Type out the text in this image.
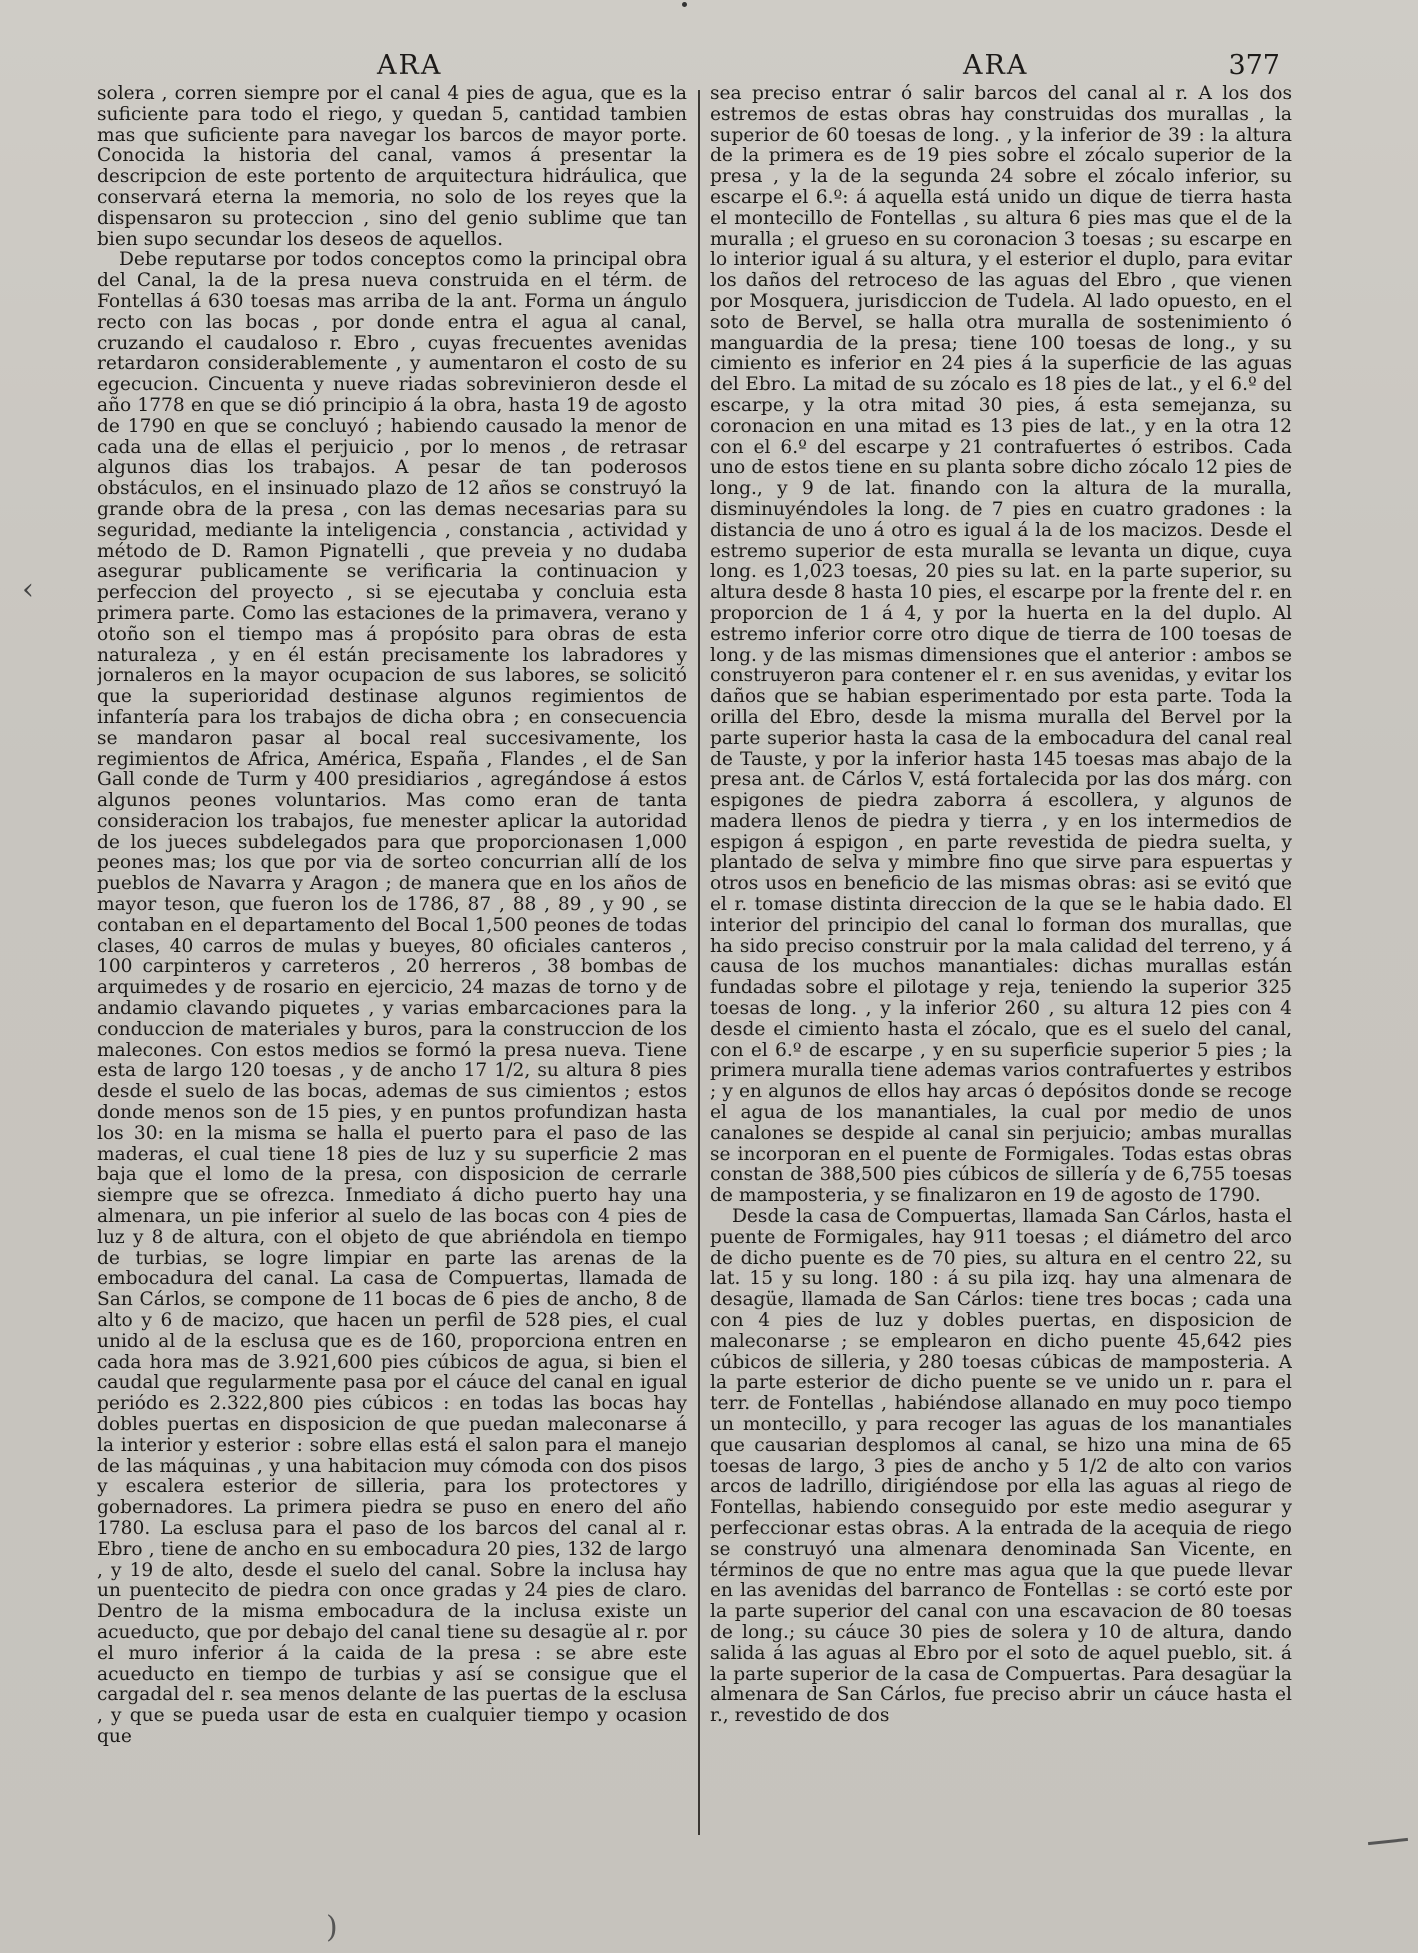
ARA	ARA	377

solera , corren siempre por el canal 4 pies de agua, que es la suficiente para todo el riego, y quedan 5, cantidad tambien mas que suficiente para navegar los barcos de mayor porte. Conocida la historia del canal, vamos á presentar la descripcion de este portento de arquitectura hidráulica, que conservará eterna la memoria, no solo de los reyes que la dispensaron su proteccion , sino del genio sublime que tan bien supo secundar los deseos de aquellos.

Debe reputarse por todos conceptos como la principal obra del Canal, la de la presa nueva construida en el térm. de Fontellas á 630 toesas mas arriba de la ant. Forma un ángulo recto con las bocas , por donde entra el agua al canal, cruzando el caudaloso r. Ebro , cuyas frecuentes avenidas retardaron considerablemente , y aumentaron el costo de su egecucion. Cincuenta y nueve riadas sobrevinieron desde el año 1778 en que se dió principio á la obra, hasta 19 de agosto de 1790 en que se concluyó ; habiendo causado la menor de cada una de ellas el perjuicio , por lo menos , de retrasar algunos dias los trabajos. A pesar de tan poderosos obstáculos, en el insinuado plazo de 12 años se construyó la grande obra de la presa , con las demas necesarias para su seguridad, mediante la inteligencia , constancia , actividad y método de D. Ramon Pignatelli , que preveia y no dudaba asegurar publicamente se verificaria la continuacion y perfeccion del proyecto , si se ejecutaba y concluia esta primera parte. Como las estaciones de la primavera, verano y otoño son el tiempo mas á propósito para obras de esta naturaleza , y en él están precisamente los labradores y jornaleros en la mayor ocupacion de sus labores, se solicitó que la superioridad destinase algunos regimientos de infantería para los trabajos de dicha obra ; en consecuencia se mandaron pasar al bocal real succesivamente, los regimientos de Africa, América, España , Flandes , el de San Gall conde de Turm y 400 presidiarios , agregándose á estos algunos peones voluntarios. Mas como eran de tanta consideracion los trabajos, fue menester aplicar la autoridad de los jueces subdelegados para que proporcionasen 1,000 peones mas; los que por via de sorteo concurrian allí de los pueblos de Navarra y Aragon ; de manera que en los años de mayor teson, que fueron los de 1786, 87 , 88 , 89 , y 90 , se contaban en el departamento del Bocal 1,500 peones de todas clases, 40 carros de mulas y bueyes, 80 oficiales canteros , 100 carpinteros y carreteros , 20 herreros , 38 bombas de arquimedes y de rosario en ejercicio, 24 mazas de torno y de andamio clavando piquetes , y varias embarcaciones para la conduccion de materiales y buros, para la construccion de los malecones. Con estos medios se formó la presa nueva. Tiene esta de largo 120 toesas , y de ancho 17 1/2, su altura 8 pies desde el suelo de las bocas, ademas de sus cimientos ; estos donde menos son de 15 pies, y en puntos profundizan hasta los 30: en la misma se halla el puerto para el paso de las maderas, el cual tiene 18 pies de luz y su superficie 2 mas baja que el lomo de la presa, con disposicion de cerrarle siempre que se ofrezca. Inmediato á dicho puerto hay una almenara, un pie inferior al suelo de las bocas con 4 pies de luz y 8 de altura, con el objeto de que abriéndola en tiempo de turbias, se logre limpiar en parte las arenas de la embocadura del canal. La casa de Compuertas, llamada de San Cárlos, se compone de 11 bocas de 6 pies de ancho, 8 de alto y 6 de macizo, que hacen un perfil de 528 pies, el cual unido al de la esclusa que es de 160, proporciona entren en cada hora mas de 3.921,600 pies cúbicos de agua, si bien el caudal que regularmente pasa por el cáuce del canal en igual periódo es 2.322,800 pies cúbicos : en todas las bocas hay dobles puertas en disposicion de que puedan maleconarse á la interior y esterior : sobre ellas está el salon para el manejo de las máquinas , y una habitacion muy cómoda con dos pisos y escalera esterior de silleria, para los protectores y gobernadores. La primera piedra se puso en enero del año 1780. La esclusa para el paso de los barcos del canal al r. Ebro , tiene de ancho en su embocadura 20 pies, 132 de largo , y 19 de alto, desde el suelo del canal. Sobre la inclusa hay un puentecito de piedra con once gradas y 24 pies de claro. Dentro de la misma embocadura de la inclusa existe un acueducto, que por debajo del canal tiene su desagüe al r. por el muro inferior á la caida de la presa : se abre este acueducto en tiempo de turbias y así se consigue que el cargadal del r. sea menos delante de las puertas de la esclusa , y que se pueda usar de esta en cualquier tiempo y ocasion que

sea preciso entrar ó salir barcos del canal al r. A los dos estremos de estas obras hay construidas dos murallas , la superior de 60 toesas de long. , y la inferior de 39 : la altura de la primera es de 19 pies sobre el zócalo superior de la presa , y la de la segunda 24 sobre el zócalo inferior, su escarpe el 6.º: á aquella está unido un dique de tierra hasta el montecillo de Fontellas , su altura 6 pies mas que el de la muralla ; el grueso en su coronacion 3 toesas ; su escarpe en lo interior igual á su altura, y el esterior el duplo, para evitar los daños del retroceso de las aguas del Ebro , que vienen por Mosquera, jurisdiccion de Tudela. Al lado opuesto, en el soto de Bervel, se halla otra muralla de sostenimiento ó manguardia de la presa; tiene 100 toesas de long., y su cimiento es inferior en 24 pies á la superficie de las aguas del Ebro. La mitad de su zócalo es 18 pies de lat., y el 6.º del escarpe, y la otra mitad 30 pies, á esta semejanza, su coronacion en una mitad es 13 pies de lat., y en la otra 12 con el 6.º del escarpe y 21 contrafuertes ó estribos. Cada uno de estos tiene en su planta sobre dicho zócalo 12 pies de long., y 9 de lat. finando con la altura de la muralla, disminuyéndoles la long. de 7 pies en cuatro gradones : la distancia de uno á otro es igual á la de los macizos. Desde el estremo superior de esta muralla se levanta un dique, cuya long. es 1,023 toesas, 20 pies su lat. en la parte superior, su altura desde 8 hasta 10 pies, el escarpe por la frente del r. en proporcion de 1 á 4, y por la huerta en la del duplo. Al estremo inferior corre otro dique de tierra de 100 toesas de long. y de las mismas dimensiones que el anterior : ambos se construyeron para contener el r. en sus avenidas, y evitar los daños que se habian esperimentado por esta parte. Toda la orilla del Ebro, desde la misma muralla del Bervel por la parte superior hasta la casa de la embocadura del canal real de Tauste, y por la inferior hasta 145 toesas mas abajo de la presa ant. de Cárlos V, está fortalecida por las dos márg. con espigones de piedra zaborra á escollera, y algunos de madera llenos de piedra y tierra , y en los intermedios de espigon á espigon , en parte revestida de piedra suelta, y plantado de selva y mimbre fino que sirve para espuertas y otros usos en beneficio de las mismas obras: asi se evitó que el r. tomase distinta direccion de la que se le habia dado. El interior del principio del canal lo forman dos murallas, que ha sido preciso construir por la mala calidad del terreno, y á causa de los muchos manantiales: dichas murallas están fundadas sobre el pilotage y reja, teniendo la superior 325 toesas de long. , y la inferior 260 , su altura 12 pies con 4 desde el cimiento hasta el zócalo, que es el suelo del canal, con el 6.º de escarpe , y en su superficie superior 5 pies ; la primera muralla tiene ademas varios contrafuertes y estribos ; y en algunos de ellos hay arcas ó depósitos donde se recoge el agua de los manantiales, la cual por medio de unos canalones se despide al canal sin perjuicio; ambas murallas se incorporan en el puente de Formigales. Todas estas obras constan de 388,500 pies cúbicos de sillería y de 6,755 toesas de mamposteria, y se finalizaron en 19 de agosto de 1790.

Desde la casa de Compuertas, llamada San Cárlos, hasta el puente de Formigales, hay 911 toesas ; el diámetro del arco de dicho puente es de 70 pies, su altura en el centro 22, su lat. 15 y su long. 180 : á su pila izq. hay una almenara de desagüe, llamada de San Cárlos: tiene tres bocas ; cada una con 4 pies de luz y dobles puertas, en disposicion de maleconarse ; se emplearon en dicho puente 45,642 pies cúbicos de silleria, y 280 toesas cúbicas de mamposteria. A la parte esterior de dicho puente se ve unido un r. para el terr. de Fontellas , habiéndose allanado en muy poco tiempo un montecillo, y para recoger las aguas de los manantiales que causarian desplomos al canal, se hizo una mina de 65 toesas de largo, 3 pies de ancho y 5 1/2 de alto con varios arcos de ladrillo, dirigiéndose por ella las aguas al riego de Fontellas, habiendo conseguido por este medio asegurar y perfeccionar estas obras. A la entrada de la acequia de riego se construyó una almenara denominada San Vicente, en términos de que no entre mas agua que la que puede llevar en las avenidas del barranco de Fontellas : se cortó este por la parte superior del canal con una escavacion de 80 toesas de long.; su cáuce 30 pies de solera y 10 de altura, dando salida á las aguas al Ebro por el soto de aquel pueblo, sit. á la parte superior de la casa de Compuertas. Para desagüar la almenara de San Cárlos, fue preciso abrir un cáuce hasta el r., revestido de dos

‹
)
